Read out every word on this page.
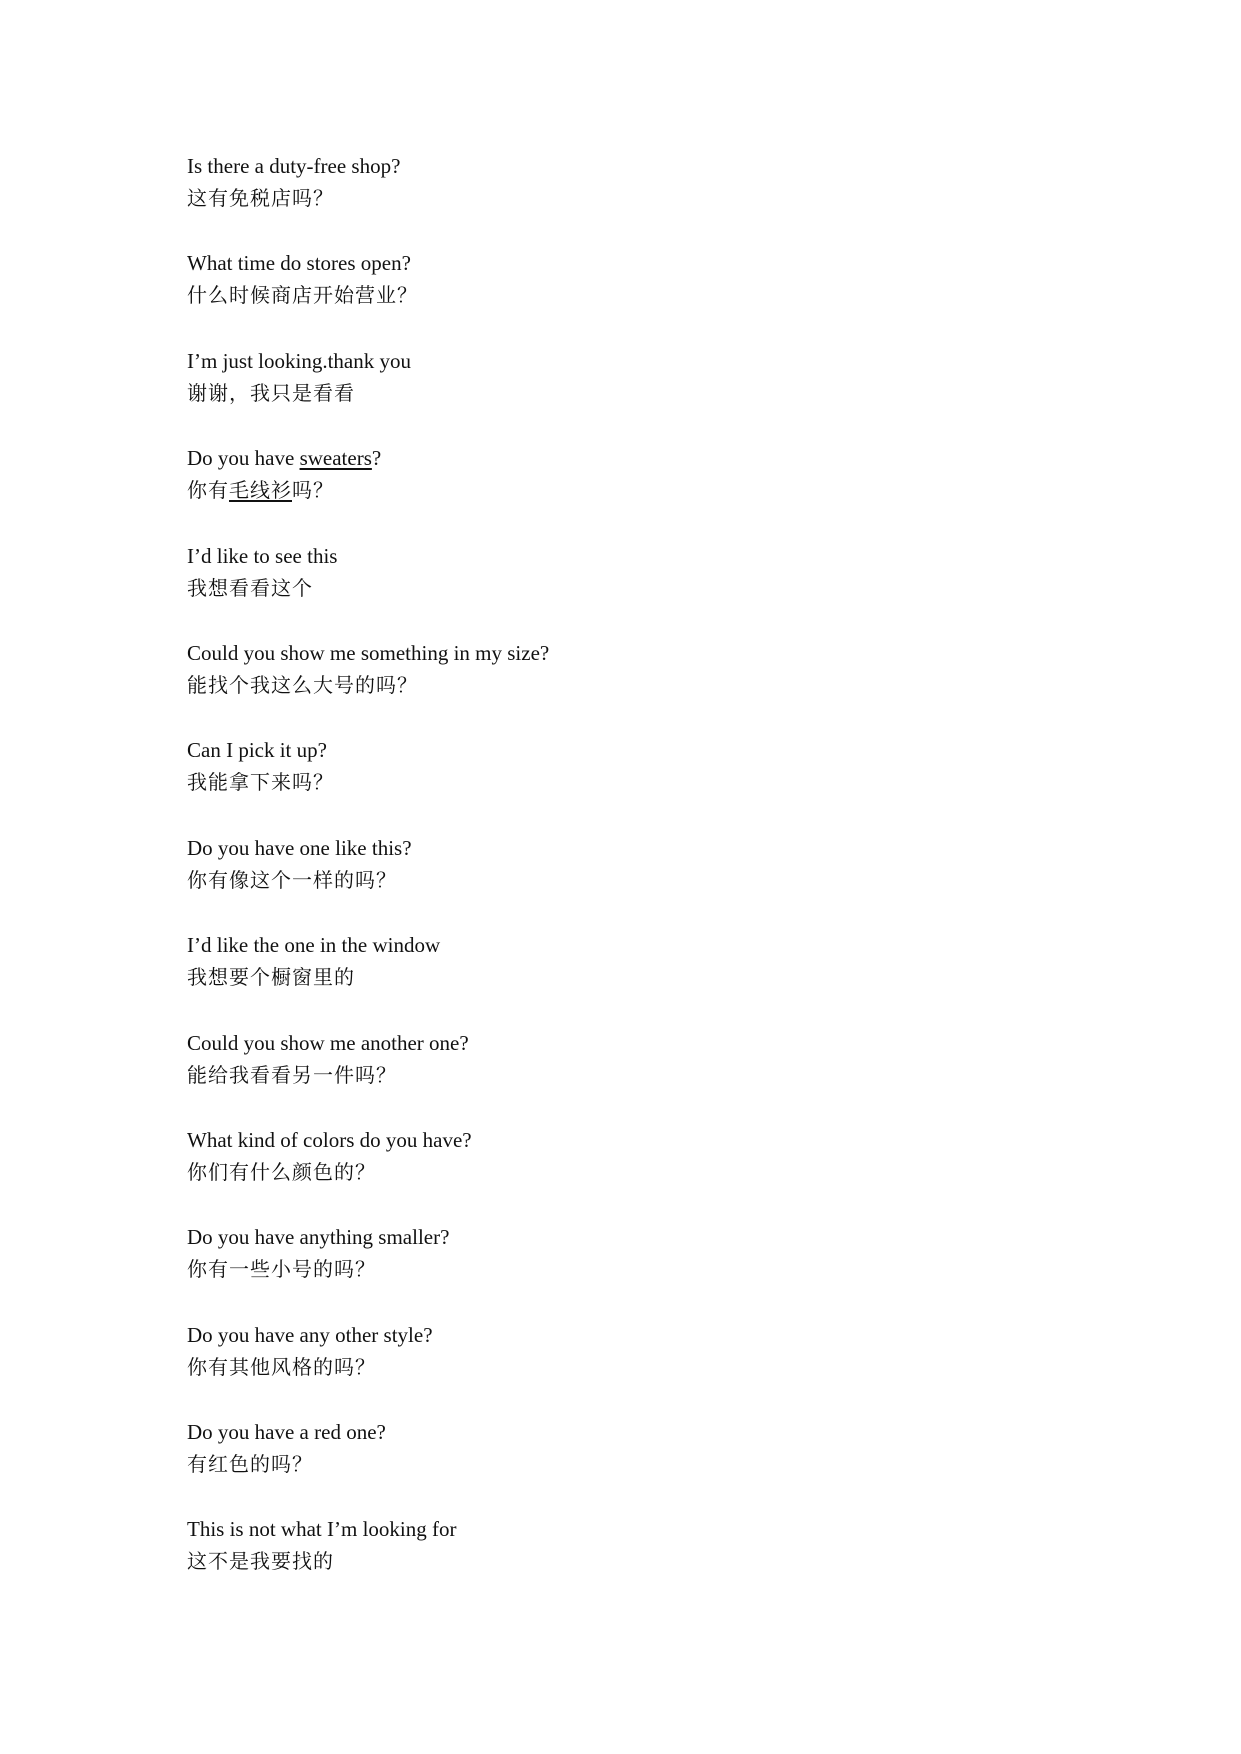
Is there a duty-free shop?
这有免税店吗？
What time do stores open?
什么时候商店开始营业？
I’m just looking.thank you
谢谢，我只是看看
Do you have sweaters?
你有毛线衫吗？
I’d like to see this
我想看看这个
Could you show me something in my size?
能找个我这么大号的吗？
Can I pick it up?
我能拿下来吗？
Do you have one like this?
你有像这个一样的吗？
I’d like the one in the window
我想要个橱窗里的
Could you show me another one?
能给我看看另一件吗？
What kind of colors do you have?
你们有什么颜色的？
Do you have anything smaller?
你有一些小号的吗？
Do you have any other style?
你有其他风格的吗？
Do you have a red one?
有红色的吗？
This is not what I’m looking for
这不是我要找的
